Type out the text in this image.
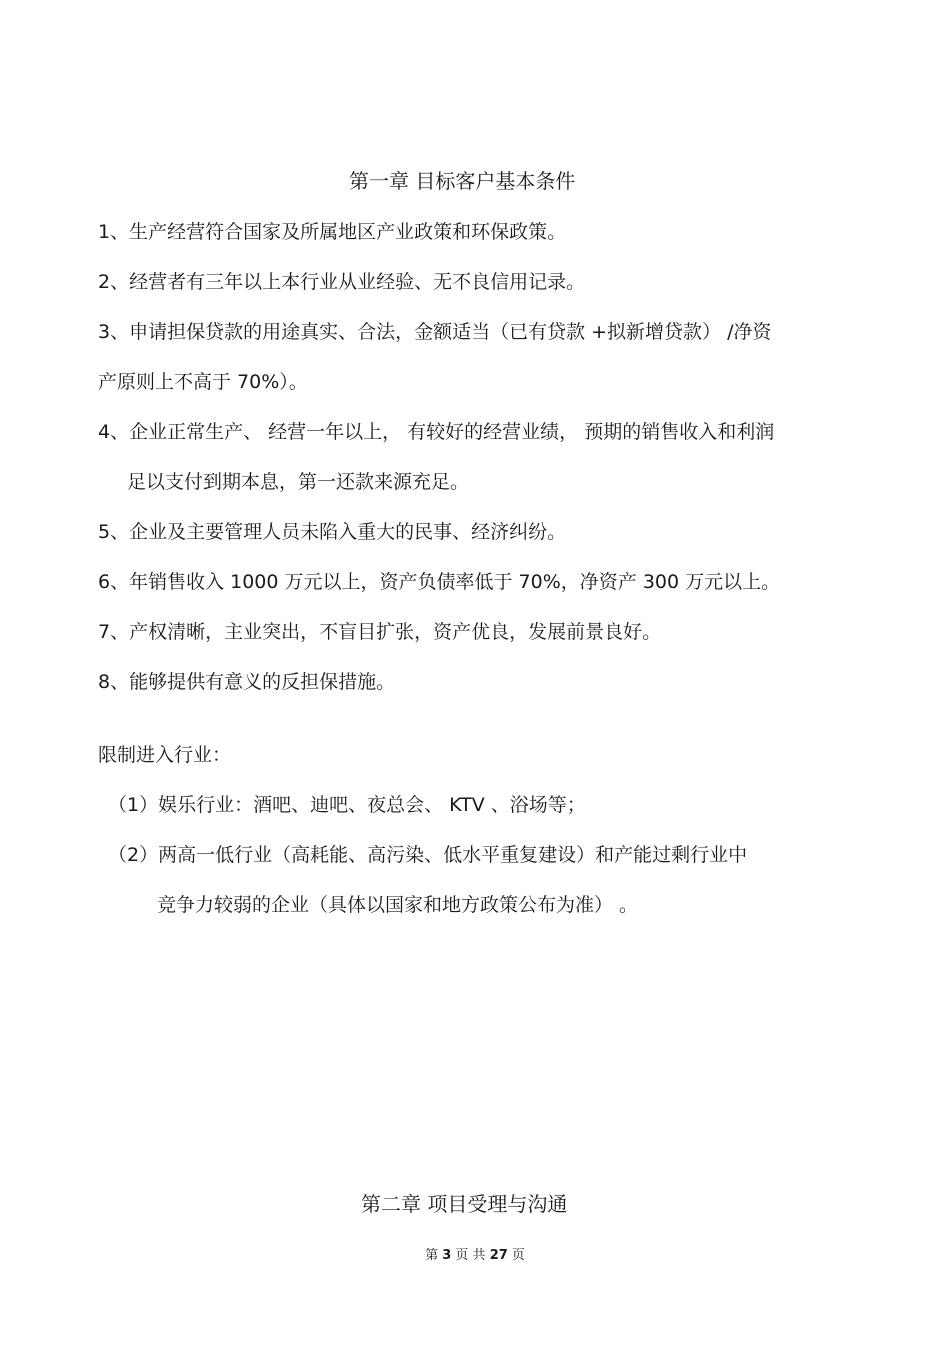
第一章 目标客户基本条件

1、生产经营符合国家及所属地区产业政策和环保政策。

2、经营者有三年以上本行业从业经验、无不良信用记录。

3、申请担保贷款的用途真实、合法，金额适当（已有贷款 +拟新增贷款） /净资

产原则上不高于 70%）。

4、企业正常生产、 经营一年以上， 有较好的经营业绩， 预期的销售收入和利润

足以支付到期本息，第一还款来源充足。

5、企业及主要管理人员未陷入重大的民事、经济纠纷。

6、年销售收入 1000 万元以上，资产负债率低于 70%，净资产 300 万元以上。

7、产权清晰，主业突出，不盲目扩张，资产优良，发展前景良好。

8、能够提供有意义的反担保措施。

限制进入行业：

（1）娱乐行业：酒吧、迪吧、夜总会、 KTV 、浴场等；

（2）两高一低行业（高耗能、高污染、低水平重复建设）和产能过剩行业中

竞争力较弱的企业（具体以国家和地方政策公布为准） 。

第二章 项目受理与沟通
第 3 页 共 27 页
